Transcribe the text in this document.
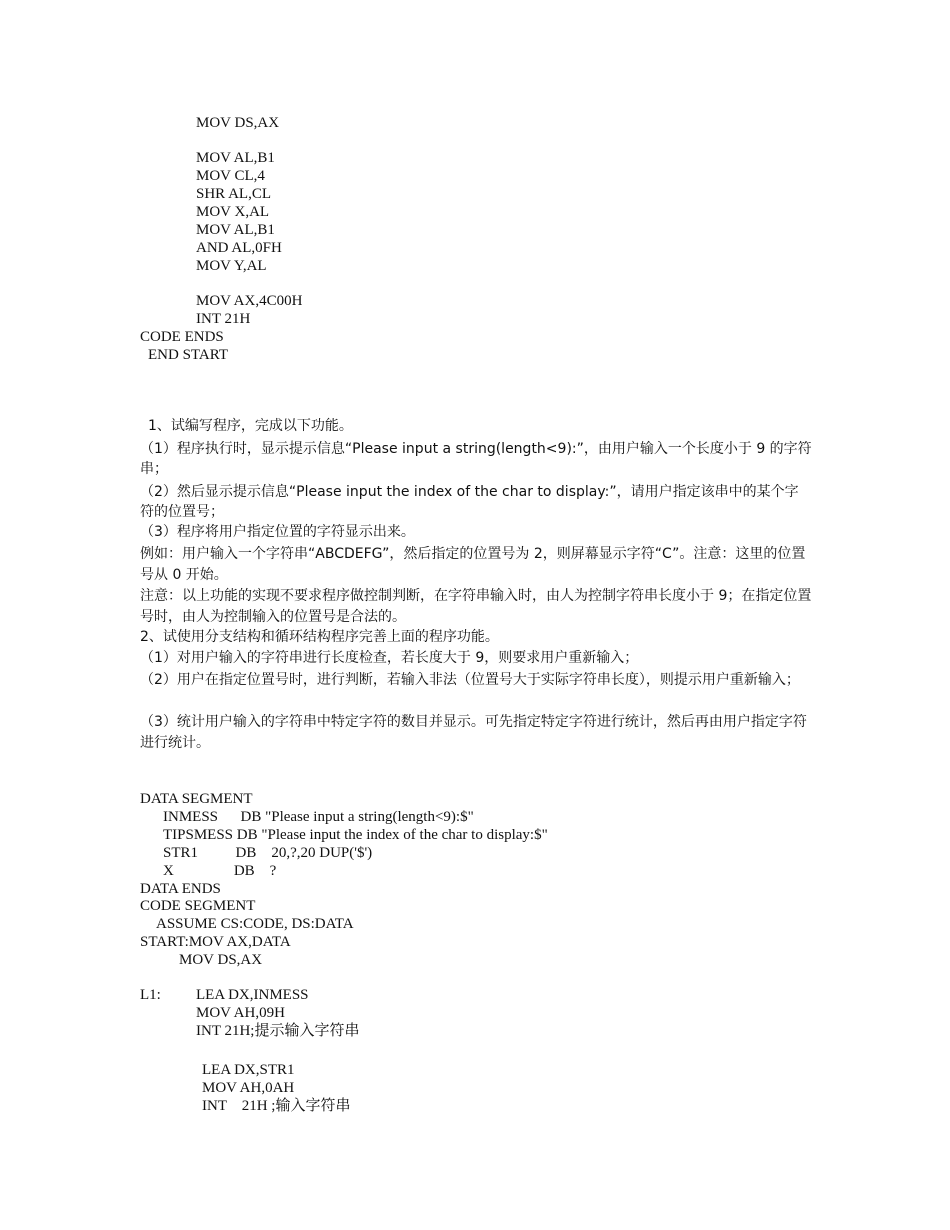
MOV DS,AX
MOV AL,B1
MOV CL,4
SHR AL,CL
MOV X,AL
MOV AL,B1
AND AL,0FH
MOV Y,AL
MOV AX,4C00H
INT 21H
CODE ENDS
END START
1、试编写程序，完成以下功能。
（1）程序执行时，显示提示信息“Please input a string(length<9):”，由用户输入一个长度小于 9 的字符串；
（2）然后显示提示信息“Please input the index of the char to display:”，请用户指定该串中的某个字符的位置号；
（3）程序将用户指定位置的字符显示出来。
例如：用户输入一个字符串“ABCDEFG”，然后指定的位置号为 2，则屏幕显示字符“C”。注意：这里的位置号从 0 开始。
注意：以上功能的实现不要求程序做控制判断，在字符串输入时，由人为控制字符串长度小于 9；在指定位置号时，由人为控制输入的位置号是合法的。
2、试使用分支结构和循环结构程序完善上面的程序功能。
（1）对用户输入的字符串进行长度检查，若长度大于 9，则要求用户重新输入；
（2）用户在指定位置号时，进行判断，若输入非法（位置号大于实际字符串长度），则提示用户重新输入；
（3）统计用户输入的字符串中特定字符的数目并显示。可先指定特定字符进行统计，然后再由用户指定字符进行统计。
DATA SEGMENT
INMESS      DB "Please input a string(length<9):$"
TIPSMESS DB "Please input the index of the char to display:$"
STR1          DB    20,?,20 DUP('$')
X                DB    ?
DATA ENDS
CODE SEGMENT
ASSUME CS:CODE, DS:DATA
START:MOV AX,DATA
MOV DS,AX
L1: LEA DX,INMESS
MOV AH,09H
INT 21H;提示输入字符串
LEA DX,STR1
MOV AH,0AH
INT    21H ;输入字符串
